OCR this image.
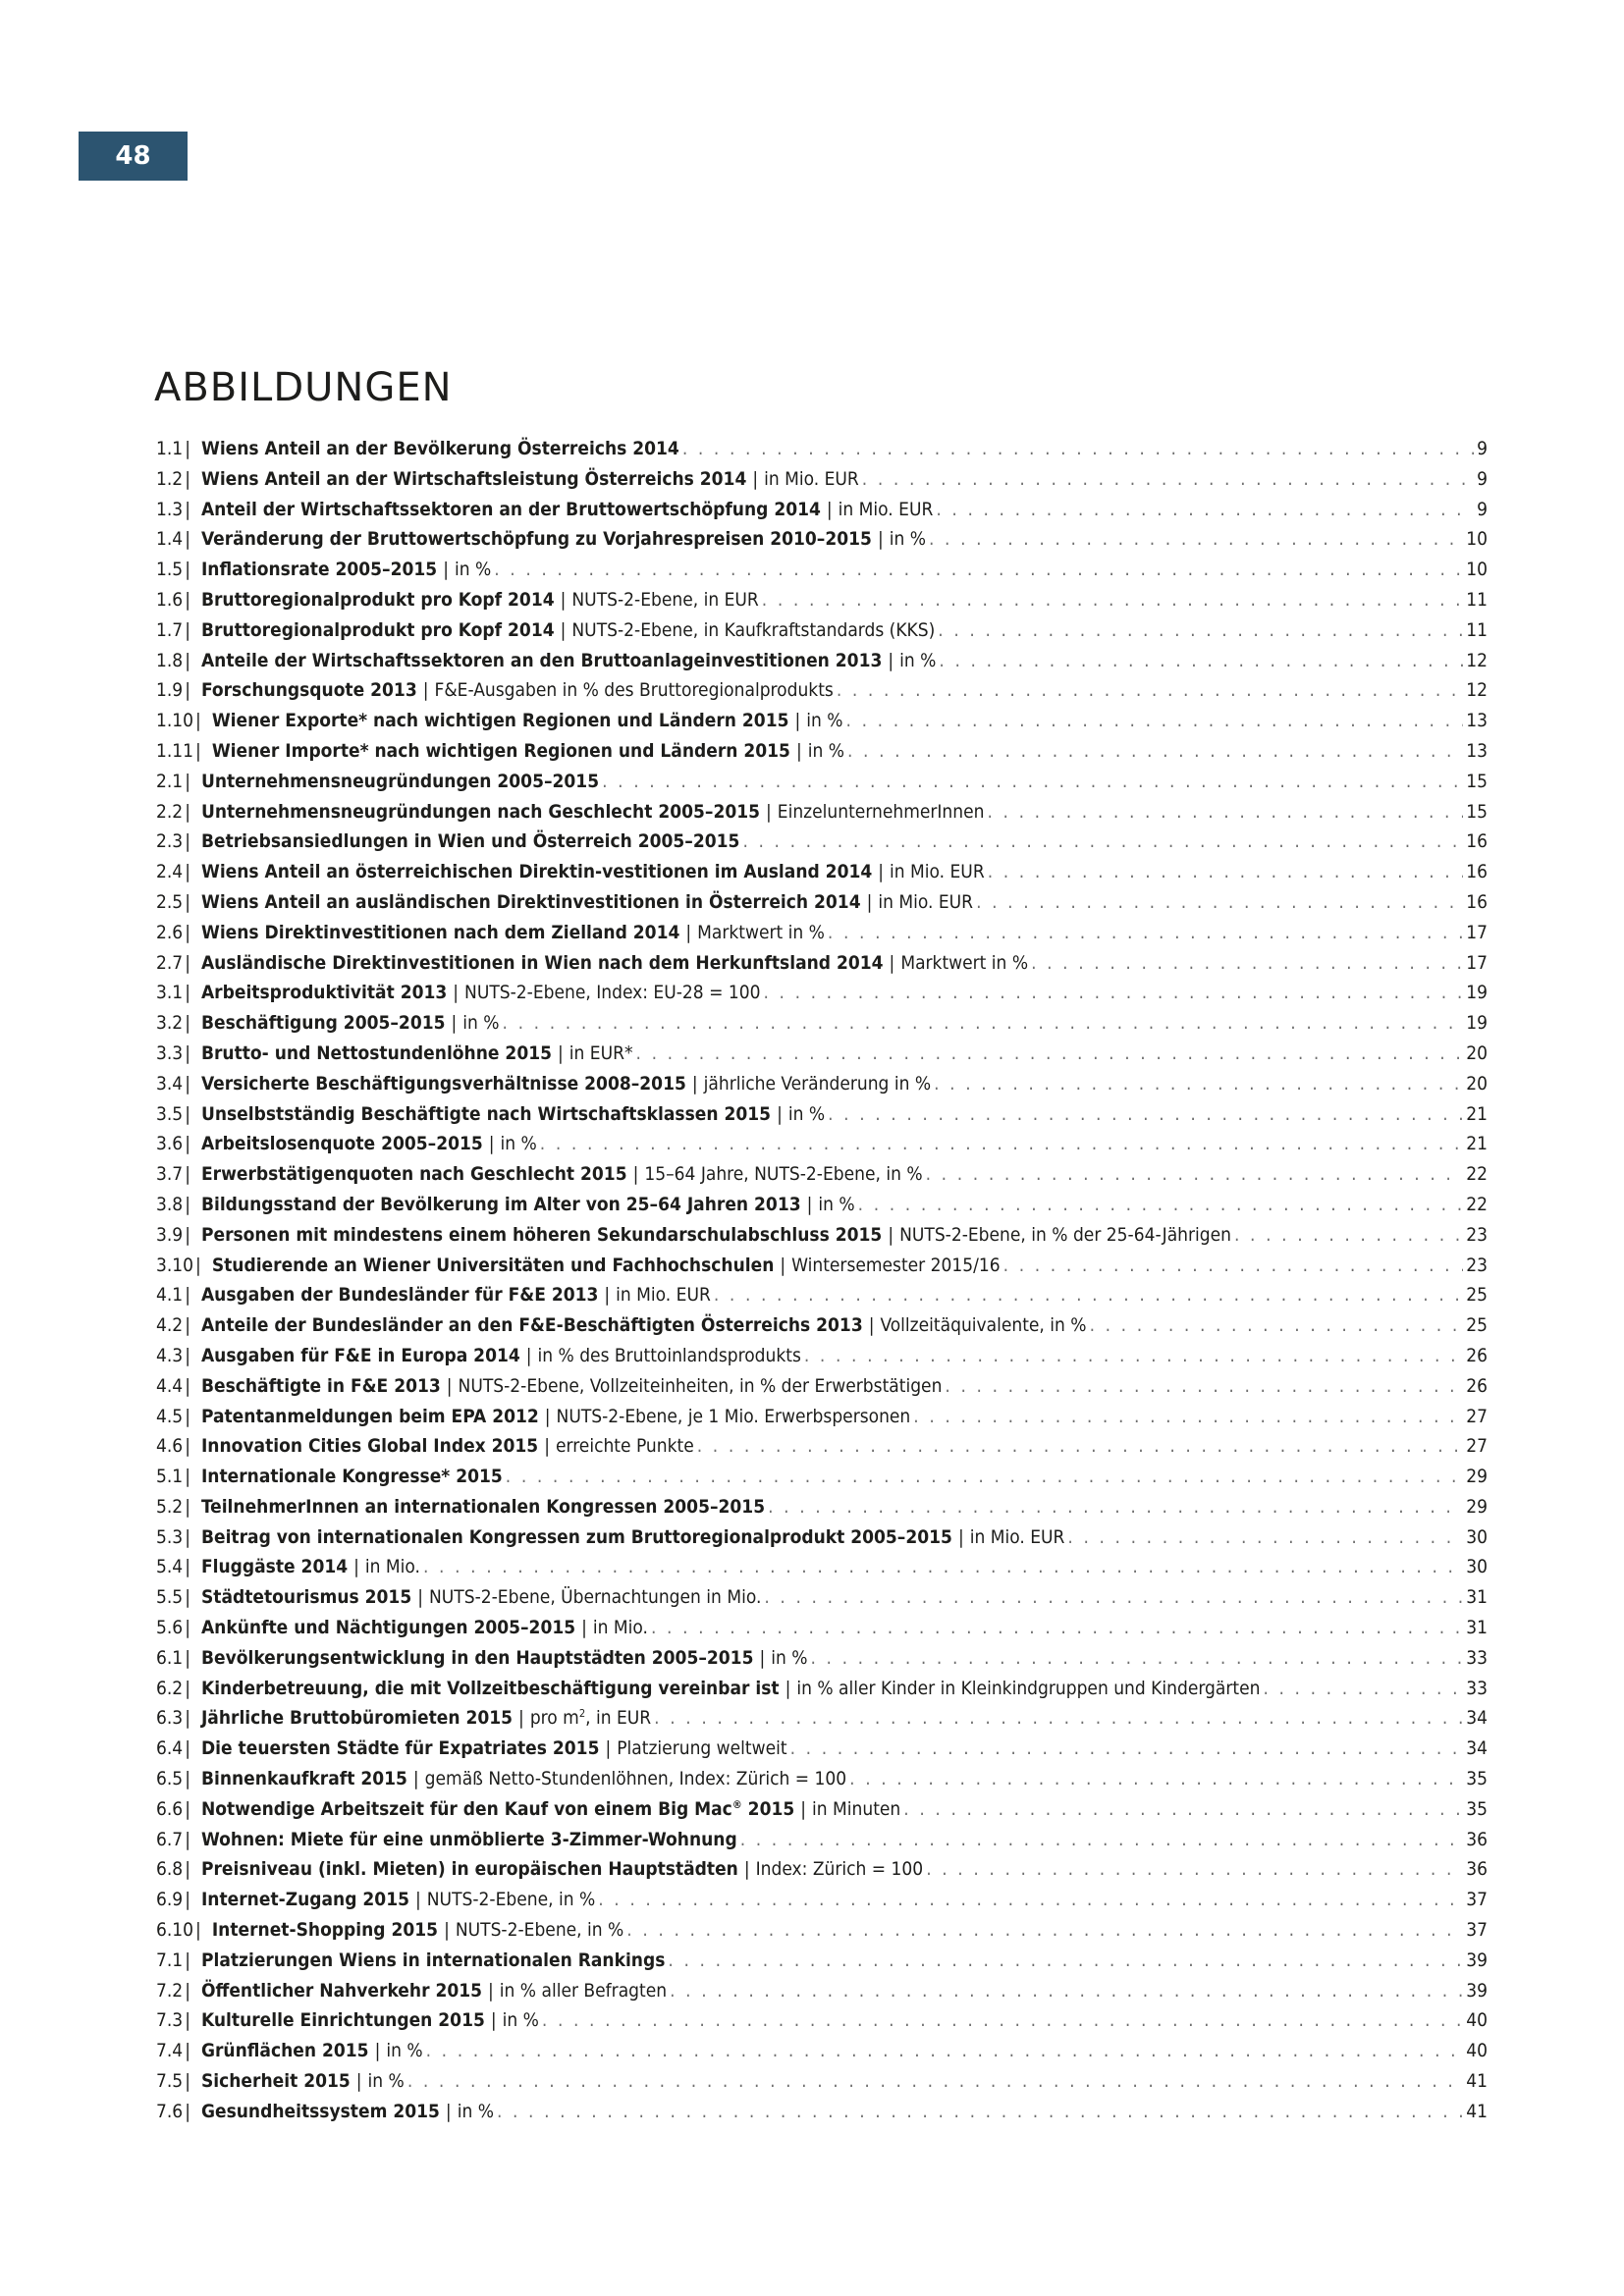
48
ABBILDUNGEN
1.1 | Wiens Anteil an der Bevölkerung Österreichs 2014 . . .	9
1.2 | Wiens Anteil an der Wirtschaftsleistung Österreichs 2014 | in Mio. EUR . . .	9
1.3 | Anteil der Wirtschaftssektoren an der Bruttowertschöpfung 2014 | in Mio. EUR . . .	9
1.4 | Veränderung der Bruttowertschöpfung zu Vorjahrespreisen 2010–2015 | in % . . .	10
1.5 | Inflationsrate 2005–2015 | in % . . .	10
1.6 | Bruttoregionalprodukt pro Kopf 2014 | NUTS-2-Ebene, in EUR . . .	11
1.7 | Bruttoregionalprodukt pro Kopf 2014 | NUTS-2-Ebene, in Kaufkraftstandards (KKS) . . .	11
1.8 | Anteile der Wirtschaftssektoren an den Bruttoanlageinvestitionen 2013 | in % . . .	12
1.9 | Forschungsquote 2013 | F&E-Ausgaben in % des Bruttoregionalprodukts . . .	12
1.10 | Wiener Exporte* nach wichtigen Regionen und Ländern 2015 | in % . . .	13
1.11 | Wiener Importe* nach wichtigen Regionen und Ländern 2015 | in % . . .	13
2.1 | Unternehmensneugründungen 2005–2015 . . .	15
2.2 | Unternehmensneugründungen nach Geschlecht 2005–2015 | EinzelunternehmerInnen . . .	15
2.3 | Betriebsansiedlungen in Wien und Österreich 2005–2015 . . .	16
2.4 | Wiens Anteil an österreichischen Direktin-vestitionen im Ausland 2014 | in Mio. EUR . . .	16
2.5 | Wiens Anteil an ausländischen Direktinvestitionen in Österreich 2014 | in Mio. EUR . . .	16
2.6 | Wiens Direktinvestitionen nach dem Zielland 2014 | Marktwert in % . . .	17
2.7 | Ausländische Direktinvestitionen in Wien nach dem Herkunftsland 2014 | Marktwert in % . . .	17
3.1 | Arbeitsproduktivität 2013 | NUTS-2-Ebene, Index: EU-28 = 100 . . .	19
3.2 | Beschäftigung 2005–2015 | in % . . .	19
3.3 | Brutto- und Nettostundenlöhne 2015 | in EUR* . . .	20
3.4 | Versicherte Beschäftigungsverhältnisse 2008–2015 | jährliche Veränderung in % . . .	20
3.5 | Unselbstständig Beschäftigte nach Wirtschaftsklassen 2015 | in % . . .	21
3.6 | Arbeitslosenquote 2005–2015 | in % . . .	21
3.7 | Erwerbstätigenquoten nach Geschlecht 2015 | 15–64 Jahre, NUTS-2-Ebene, in % . . .	22
3.8 | Bildungsstand der Bevölkerung im Alter von 25–64 Jahren 2013 | in % . . .	22
3.9 | Personen mit mindestens einem höheren Sekundarschulabschluss 2015 | NUTS-2-Ebene, in % der 25-64-Jährigen . . .	23
3.10 | Studierende an Wiener Universitäten und Fachhochschulen | Wintersemester 2015/16 . . .	23
4.1 | Ausgaben der Bundesländer für F&E 2013 | in Mio. EUR . . .	25
4.2 | Anteile der Bundesländer an den F&E-Beschäftigten Österreichs 2013 | Vollzeitäquivalente, in % . . .	25
4.3 | Ausgaben für F&E in Europa 2014 | in % des Bruttoinlandsprodukts . . .	26
4.4 | Beschäftigte in F&E 2013 | NUTS-2-Ebene, Vollzeiteinheiten, in % der Erwerbstätigen . . .	26
4.5 | Patentanmeldungen beim EPA 2012 | NUTS-2-Ebene, je 1 Mio. Erwerbspersonen . . .	27
4.6 | Innovation Cities Global Index 2015 | erreichte Punkte . . .	27
5.1 | Internationale Kongresse* 2015 . . .	29
5.2 | TeilnehmerInnen an internationalen Kongressen 2005–2015 . . .	29
5.3 | Beitrag von internationalen Kongressen zum Bruttoregionalprodukt 2005–2015 | in Mio. EUR . . .	30
5.4 | Fluggäste 2014 | in Mio. . . .	30
5.5 | Städtetourismus 2015 | NUTS-2-Ebene, Übernachtungen in Mio. . . .	31
5.6 | Ankünfte und Nächtigungen 2005–2015 | in Mio. . . .	31
6.1 | Bevölkerungsentwicklung in den Hauptstädten 2005–2015 | in % . . .	33
6.2 | Kinderbetreuung, die mit Vollzeitbeschäftigung vereinbar ist | in % aller Kinder in Kleinkindgruppen und Kindergärten . . .	33
6.3 | Jährliche Bruttobüromieten 2015 | pro $m^2$, in EUR . . .	34
6.4 | Die teuersten Städte für Expatriates 2015 | Platzierung weltweit . . .	34
6.5 | Binnenkaufkraft 2015 | gemäß Netto-Stundenlöhnen, Index: Zürich = 100 . . .	35
6.6 | Notwendige Arbeitszeit für den Kauf von einem Big Mac® 2015 | in Minuten . . .	35
6.7 | Wohnen: Miete für eine unmöblierte 3-Zimmer-Wohnung . . .	36
6.8 | Preisniveau (inkl. Mieten) in europäischen Hauptstädten | Index: Zürich = 100 . . .	36
6.9 | Internet-Zugang 2015 | NUTS-2-Ebene, in % . . .	37
6.10 | Internet-Shopping 2015 | NUTS-2-Ebene, in % . . .	37
7.1 | Platzierungen Wiens in internationalen Rankings . . .	39
7.2 | Öffentlicher Nahverkehr 2015 | in % aller Befragten . . .	39
7.3 | Kulturelle Einrichtungen 2015 | in % . . .	40
7.4 | Grünflächen 2015 | in % . . .	40
7.5 | Sicherheit 2015 | in % . . .	41
7.6 | Gesundheitssystem 2015 | in % . . .	41
